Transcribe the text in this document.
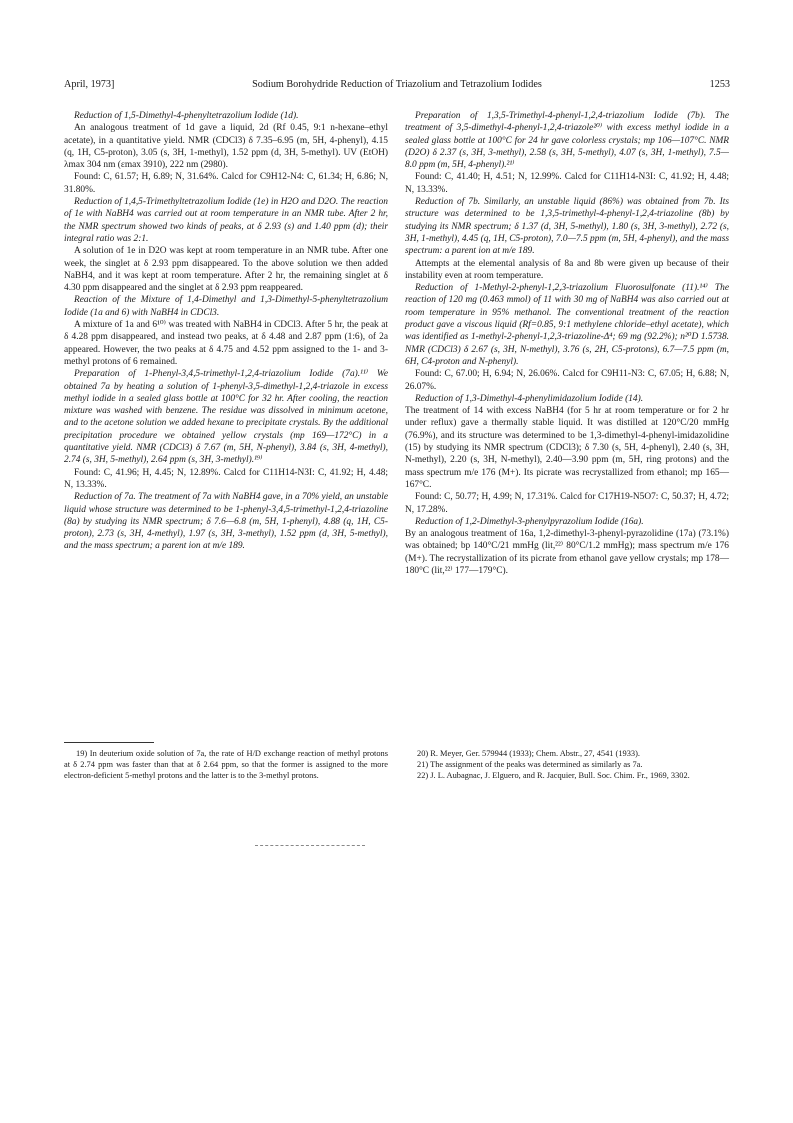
April, 1973]	Sodium Borohydride Reduction of Triazolium and Tetrazolium Iodides	1253

Reduction of 1,5-Dimethyl-4-phenyltetrazolium Iodide (1d).

An analogous treatment of 1d gave a liquid, 2d (Rf 0.45, 9:1 n-hexane–ethyl acetate), in a quantitative yield. NMR (CDCl3) δ 7.35–6.95 (m, 5H, 4-phenyl), 4.15 (q, 1H, C5-proton), 3.05 (s, 3H, 1-methyl), 1.52 ppm (d, 3H, 5-methyl). UV (EtOH) λmax 304 nm (εmax 3910), 222 nm (2980).

Found: C, 61.57; H, 6.89; N, 31.64%. Calcd for C9H12-N4: C, 61.34; H, 6.86; N, 31.80%.

Reduction of 1,4,5-Trimethyltetrazolium Iodide (1e) in H2O and D2O. The reaction of 1e with NaBH4 was carried out at room temperature in an NMR tube. After 2 hr, the NMR spectrum showed two kinds of peaks, at δ 2.93 (s) and 1.40 ppm (d); their integral ratio was 2:1.

A solution of 1e in D2O was kept at room temperature in an NMR tube. After one week, the singlet at δ 2.93 ppm disappeared. To the above solution we then added NaBH4, and it was kept at room temperature. After 2 hr, the remaining singlet at δ 4.30 ppm disappeared and the singlet at δ 2.93 ppm reappeared.

Reaction of the Mixture of 1,4-Dimethyl and 1,3-Dimethyl-5-phenyltetrazolium Iodide (1a and 6) with NaBH4 in CDCl3.

A mixture of 1a and 6¹⁰⁾ was treated with NaBH4 in CDCl3. After 5 hr, the peak at δ 4.28 ppm disappeared, and instead two peaks, at δ 4.48 and 2.87 ppm (1:6), of 2a appeared. However, the two peaks at δ 4.75 and 4.52 ppm assigned to the 1- and 3-methyl protons of 6 remained.

Preparation of 1-Phenyl-3,4,5-trimethyl-1,2,4-triazolium Iodide (7a).¹¹⁾ We obtained 7a by heating a solution of 1-phenyl-3,5-dimethyl-1,2,4-triazole in excess methyl iodide in a sealed glass bottle at 100°C for 32 hr. After cooling, the reaction mixture was washed with benzene. The residue was dissolved in minimum acetone, and to the acetone solution we added hexane to precipitate crystals. By the additional precipitation procedure we obtained yellow crystals (mp 169—172°C) in a quantitative yield. NMR (CDCl3) δ 7.67 (m, 5H, N-phenyl), 3.84 (s, 3H, 4-methyl), 2.74 (s, 3H, 5-methyl), 2.64 ppm (s, 3H, 3-methyl).¹⁹⁾

Found: C, 41.96; H, 4.45; N, 12.89%. Calcd for C11H14-N3I: C, 41.92; H, 4.48; N, 13.33%.

Reduction of 7a. The treatment of 7a with NaBH4 gave, in a 70% yield, an unstable liquid whose structure was determined to be 1-phenyl-3,4,5-trimethyl-1,2,4-triazoline (8a) by studying its NMR spectrum; δ 7.6—6.8 (m, 5H, 1-phenyl), 4.88 (q, 1H, C5-proton), 2.73 (s, 3H, 4-methyl), 1.97 (s, 3H, 3-methyl), 1.52 ppm (d, 3H, 5-methyl), and the mass spectrum; a parent ion at m/e 189.

Preparation of 1,3,5-Trimethyl-4-phenyl-1,2,4-triazolium Iodide (7b). The treatment of 3,5-dimethyl-4-phenyl-1,2,4-triazole²⁰⁾ with excess methyl iodide in a sealed glass bottle at 100°C for 24 hr gave colorless crystals; mp 106—107°C. NMR (D2O) δ 2.37 (s, 3H, 3-methyl), 2.58 (s, 3H, 5-methyl), 4.07 (s, 3H, 1-methyl), 7.5—8.0 ppm (m, 5H, 4-phenyl).²¹⁾

Found: C, 41.40; H, 4.51; N, 12.99%. Calcd for C11H14-N3I: C, 41.92; H, 4.48; N, 13.33%.

Reduction of 7b. Similarly, an unstable liquid (86%) was obtained from 7b. Its structure was determined to be 1,3,5-trimethyl-4-phenyl-1,2,4-triazoline (8b) by studying its NMR spectrum; δ 1.37 (d, 3H, 5-methyl), 1.80 (s, 3H, 3-methyl), 2.72 (s, 3H, 1-methyl), 4.45 (q, 1H, C5-proton), 7.0—7.5 ppm (m, 5H, 4-phenyl), and the mass spectrum: a parent ion at m/e 189.

Attempts at the elemental analysis of 8a and 8b were given up because of their instability even at room temperature.

Reduction of 1-Methyl-2-phenyl-1,2,3-triazolium Fluorosulfonate (11).¹⁴⁾ The reaction of 120 mg (0.463 mmol) of 11 with 30 mg of NaBH4 was also carried out at room temperature in 95% methanol. The conventional treatment of the reaction product gave a viscous liquid (Rf=0.85, 9:1 methylene chloride–ethyl acetate), which was identified as 1-methyl-2-phenyl-1,2,3-triazoline-Δ⁴; 69 mg (92.2%); n²⁰D 1.5738. NMR (CDCl3) δ 2.67 (s, 3H, N-methyl), 3.76 (s, 2H, C5-protons), 6.7—7.5 ppm (m, 6H, C4-proton and N-phenyl).

Found: C, 67.00; H, 6.94; N, 26.06%. Calcd for C9H11-N3: C, 67.05; H, 6.88; N, 26.07%.

Reduction of 1,3-Dimethyl-4-phenylimidazolium Iodide (14).

The treatment of 14 with excess NaBH4 (for 5 hr at room temperature or for 2 hr under reflux) gave a thermally stable liquid. It was distilled at 120°C/20 mmHg (76.9%), and its structure was determined to be 1,3-dimethyl-4-phenyl-imidazolidine (15) by studying its NMR spectrum (CDCl3); δ 7.30 (s, 5H, 4-phenyl), 2.40 (s, 3H, N-methyl), 2.20 (s, 3H, N-methyl), 2.40—3.90 ppm (m, 5H, ring protons) and the mass spectrum m/e 176 (M+). Its picrate was recrystallized from ethanol; mp 165—167°C.

Found: C, 50.77; H, 4.99; N, 17.31%. Calcd for C17H19-N5O7: C, 50.37; H, 4.72; N, 17.28%.

Reduction of 1,2-Dimethyl-3-phenylpyrazolium Iodide (16a).

By an analogous treatment of 16a, 1,2-dimethyl-3-phenyl-pyrazolidine (17a) (73.1%) was obtained; bp 140°C/21 mmHg (lit,²²⁾ 80°C/1.2 mmHg); mass spectrum m/e 176 (M+). The recrystallization of its picrate from ethanol gave yellow crystals; mp 178—180°C (lit,²²⁾ 177—179°C).

19) In deuterium oxide solution of 7a, the rate of H/D exchange reaction of methyl protons at δ 2.74 ppm was faster than that at δ 2.64 ppm, so that the former is assigned to the more electron-deficient 5-methyl protons and the latter is to the 3-methyl protons.

20) R. Meyer, Ger. 579944 (1933); Chem. Abstr., 27, 4541 (1933).

21) The assignment of the peaks was determined as similarly as 7a.

22) J. L. Aubagnac, J. Elguero, and R. Jacquier, Bull. Soc. Chim. Fr., 1969, 3302.
